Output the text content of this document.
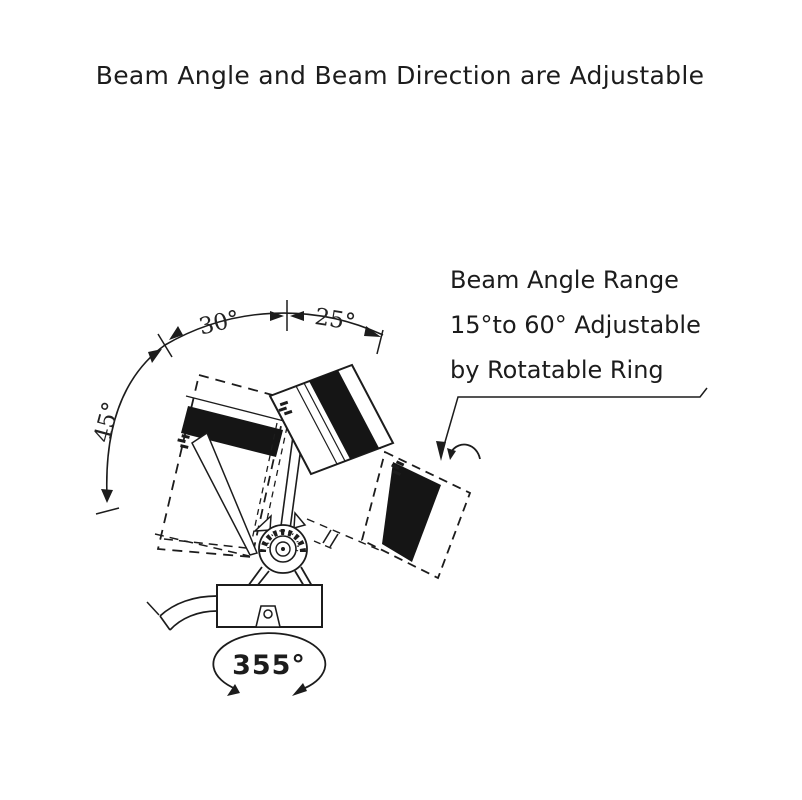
30°	25°
45°
355°
Beam Angle and Beam Direction are Adjustable
Beam Angle Range
15°to 60° Adjustable
by Rotatable Ring
